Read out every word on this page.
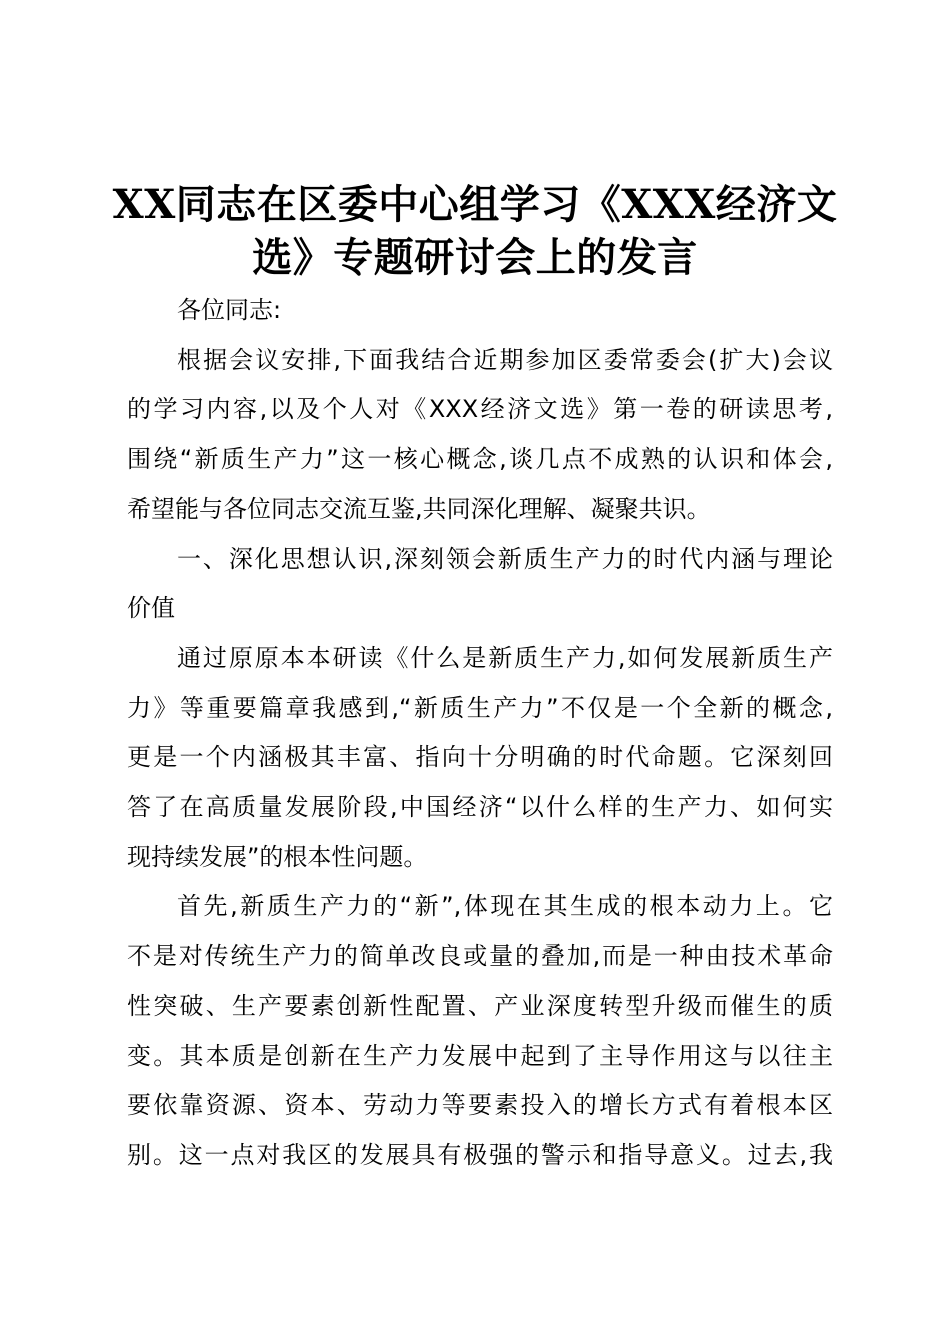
XX同志在区委中心组学习《XXX经济文
选》专题研讨会上的发言

各位同志:

根据会议安排,下面我结合近期参加区委常委会(扩大)会议
的学习内容,以及个人对《XXX经济文选》第一卷的研读思考,
围绕“新质生产力”这一核心概念,谈几点不成熟的认识和体会,
希望能与各位同志交流互鉴,共同深化理解、凝聚共识。

一、深化思想认识,深刻领会新质生产力的时代内涵与理论
价值

通过原原本本研读《什么是新质生产力,如何发展新质生产
力》等重要篇章我感到,“新质生产力”不仅是一个全新的概念,
更是一个内涵极其丰富、指向十分明确的时代命题。它深刻回
答了在高质量发展阶段,中国经济“以什么样的生产力、如何实
现持续发展”的根本性问题。

首先,新质生产力的“新”,体现在其生成的根本动力上。它
不是对传统生产力的简单改良或量的叠加,而是一种由技术革命
性突破、生产要素创新性配置、产业深度转型升级而催生的质
变。其本质是创新在生产力发展中起到了主导作用这与以往主
要依靠资源、资本、劳动力等要素投入的增长方式有着根本区
别。这一点对我区的发展具有极强的警示和指导意义。过去,我
